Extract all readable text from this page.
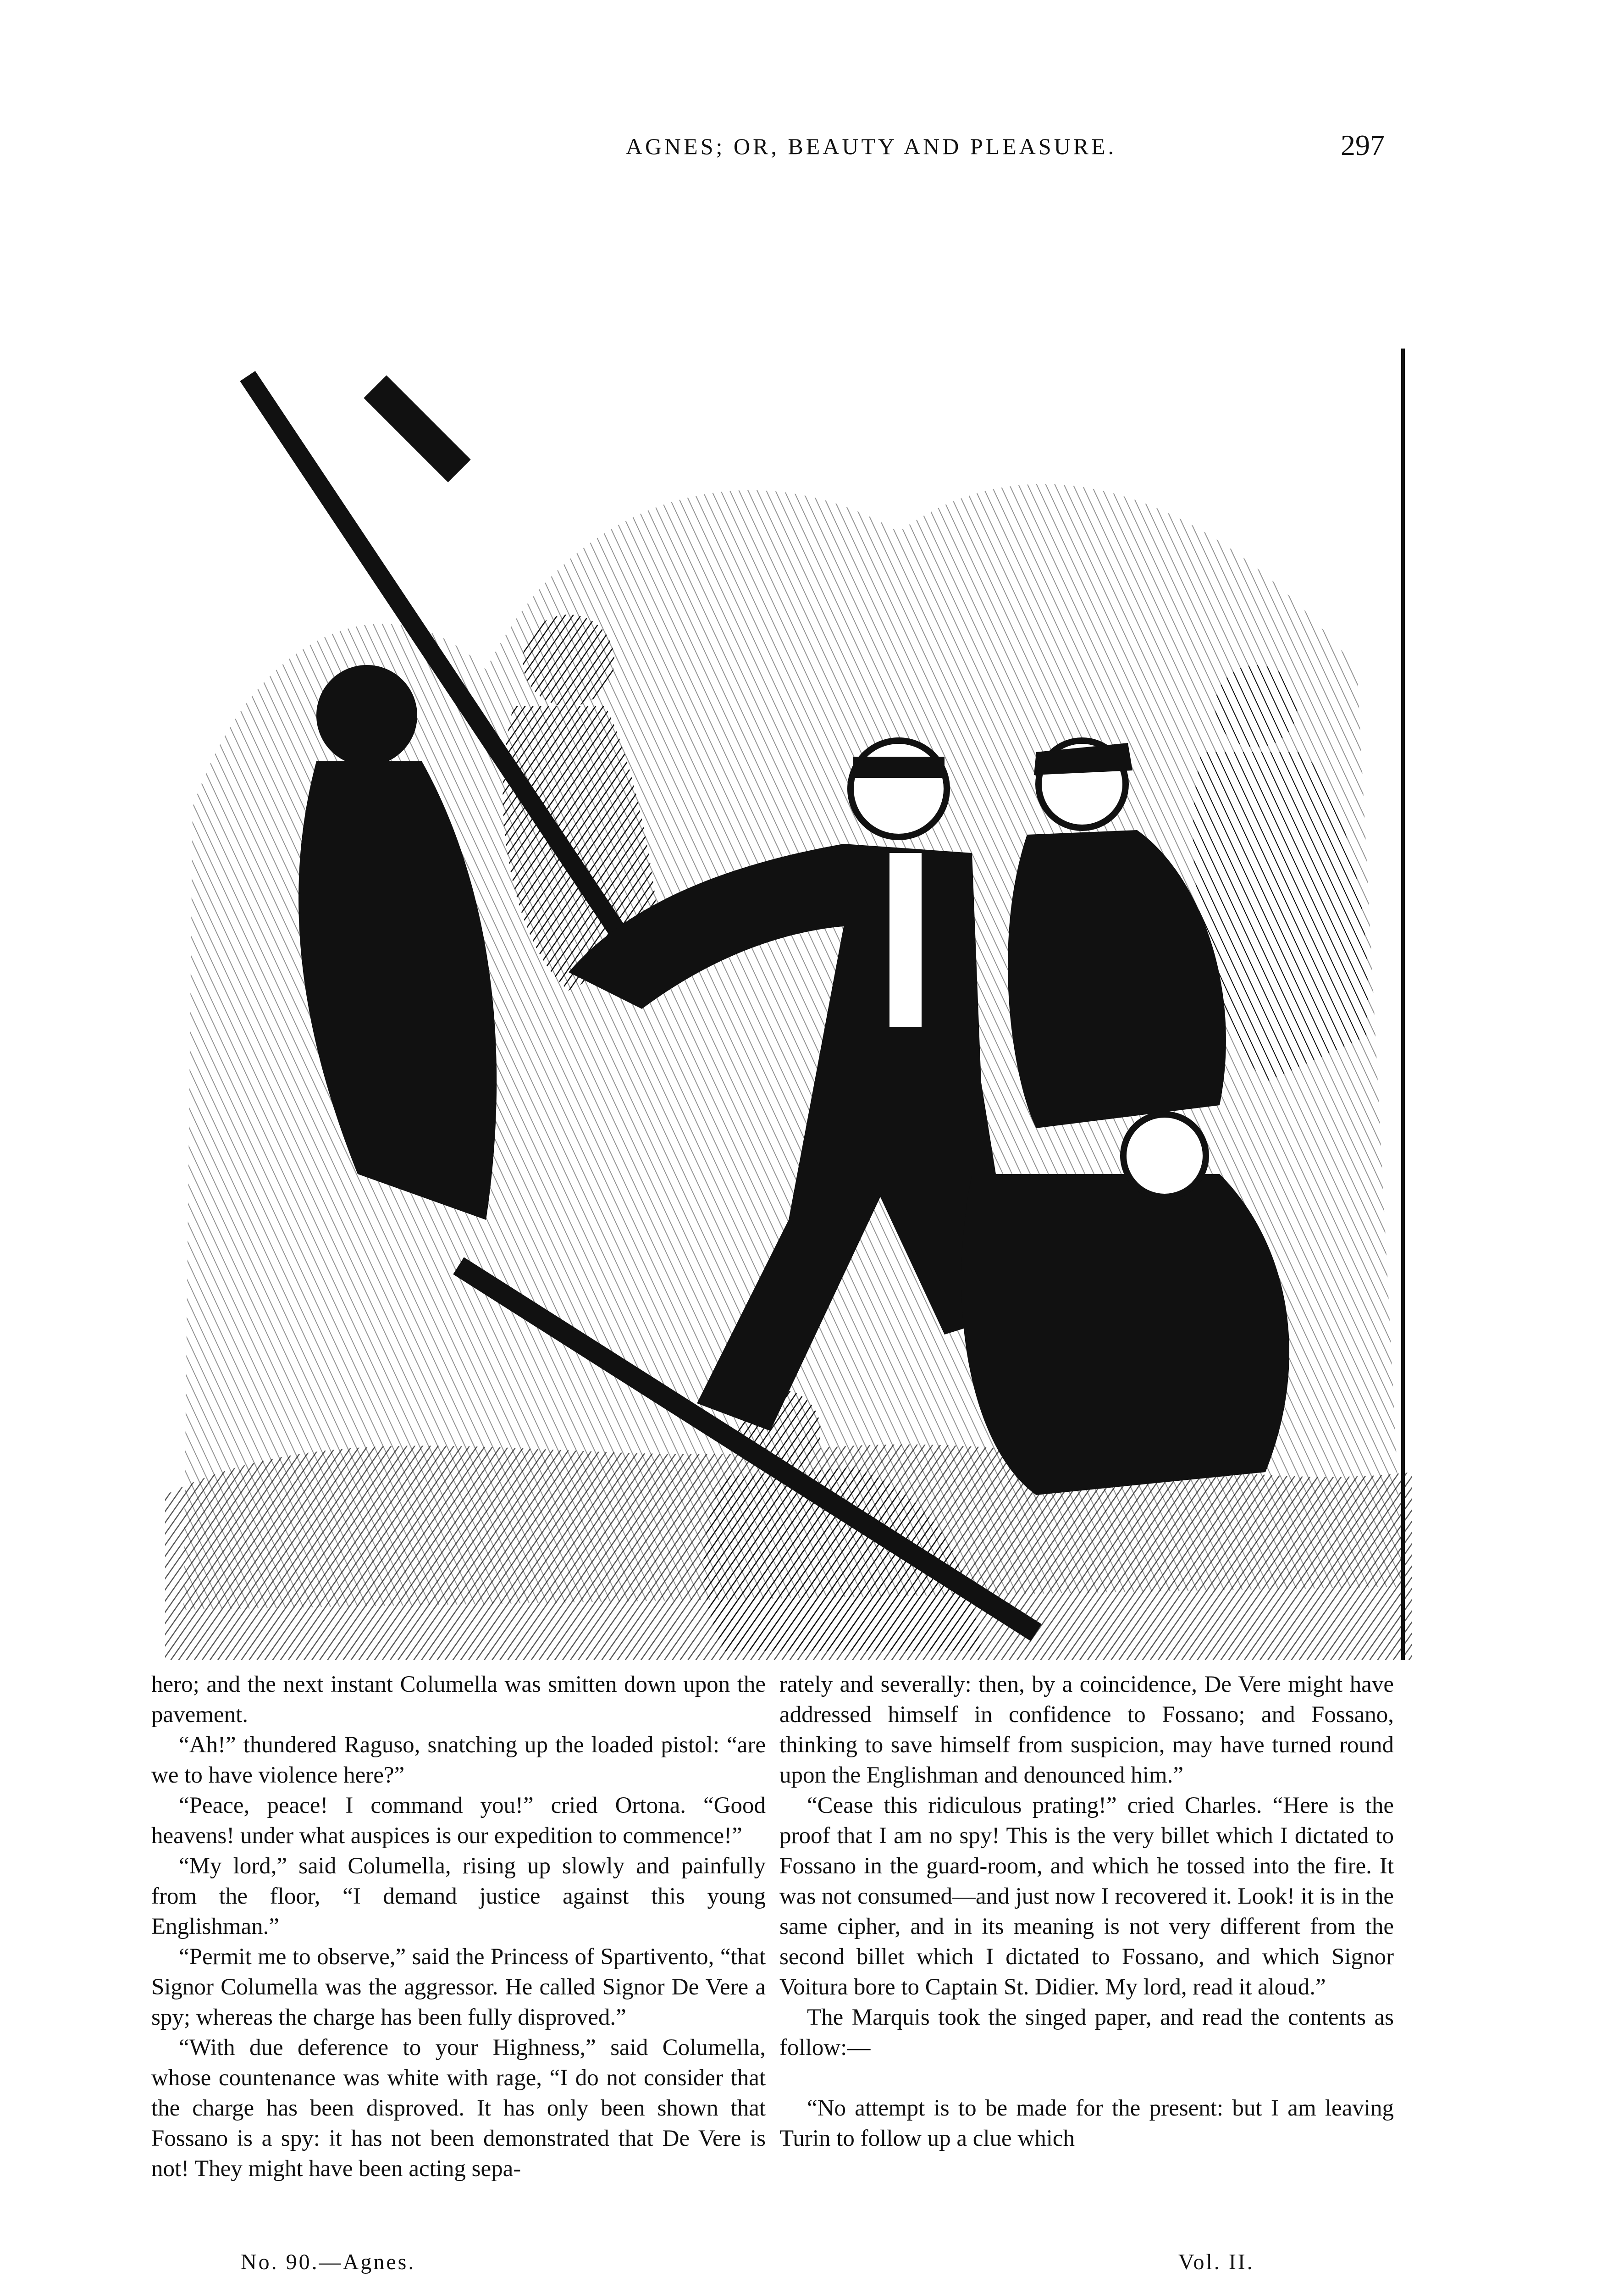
AGNES; OR, BEAUTY AND PLEASURE.	297

hero; and the next instant Columella was smitten down upon the pavement.

“Ah!” thundered Raguso, snatching up the loaded pistol: “are we to have violence here?”

“Peace, peace! I command you!” cried Ortona. “Good heavens! under what auspices is our expedition to commence!”

“My lord,” said Columella, rising up slowly and painfully from the floor, “I demand justice against this young Englishman.”

“Permit me to observe,” said the Princess of Spartivento, “that Signor Columella was the aggressor. He called Signor De Vere a spy; whereas the charge has been fully disproved.”

“With due deference to your Highness,” said Columella, whose countenance was white with rage, “I do not consider that the charge has been disproved. It has only been shown that Fossano is a spy: it has not been demonstrated that De Vere is not! They might have been acting sepa-

rately and severally: then, by a coincidence, De Vere might have addressed himself in confidence to Fossano; and Fossano, thinking to save himself from suspicion, may have turned round upon the Englishman and denounced him.”

“Cease this ridiculous prating!” cried Charles. “Here is the proof that I am no spy! This is the very billet which I dictated to Fossano in the guard-room, and which he tossed into the fire. It was not consumed—and just now I recovered it. Look! it is in the same cipher, and in its meaning is not very different from the second billet which I dictated to Fossano, and which Signor Voitura bore to Captain St. Didier. My lord, read it aloud.”

The Marquis took the singed paper, and read the contents as follow:—

“No attempt is to be made for the present: but I am leaving Turin to follow up a clue which

No. 90.—Agnes.	Vol. II.
